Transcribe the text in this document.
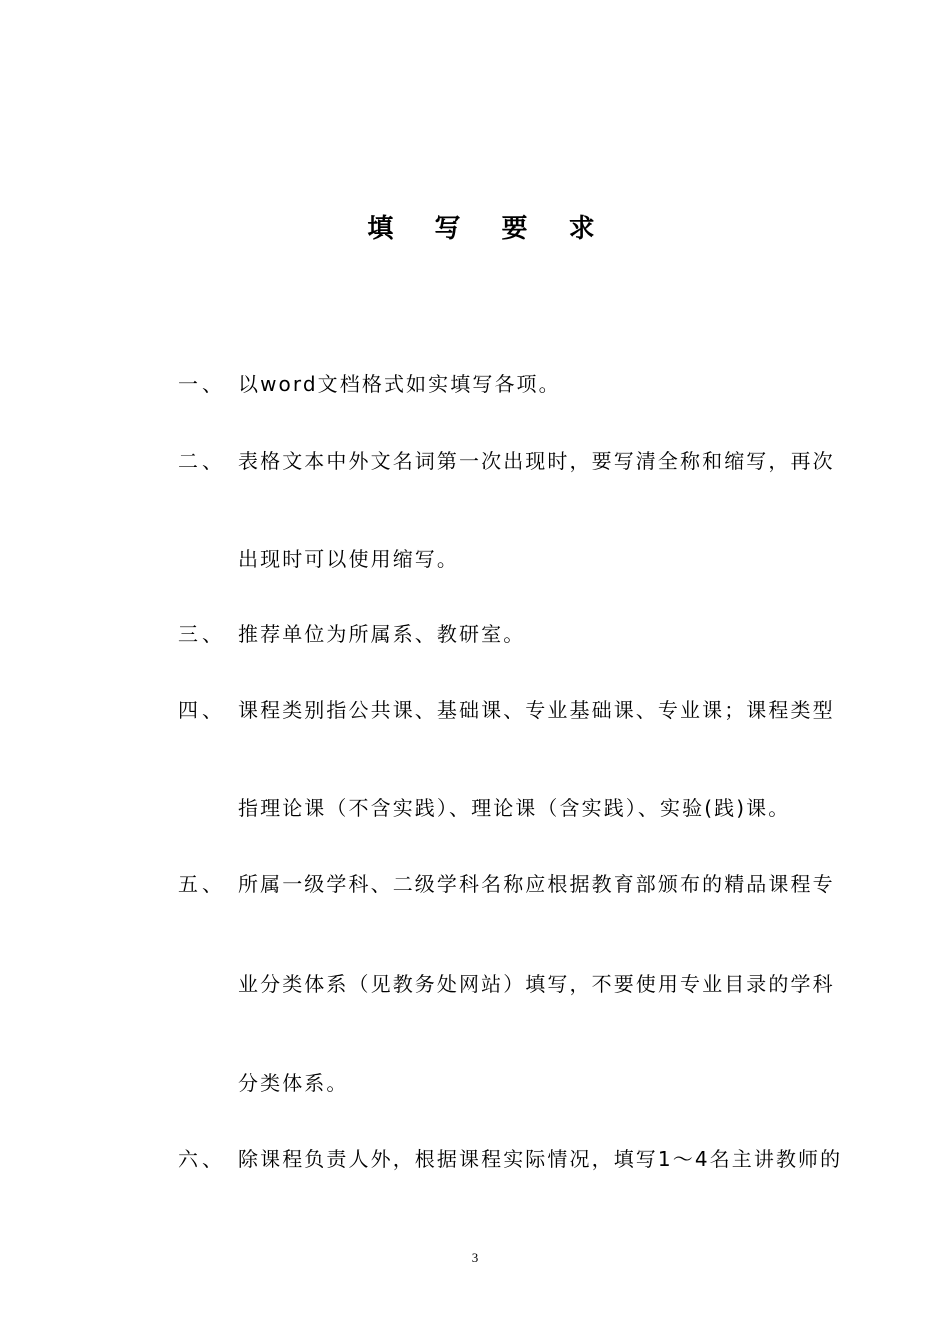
填 写 要 求
一、 以word文档格式如实填写各项。
二、 表格文本中外文名词第一次出现时，要写清全称和缩写，再次
出现时可以使用缩写。
三、 推荐单位为所属系、教研室。
四、 课程类别指公共课、基础课、专业基础课、专业课；课程类型
指理论课（不含实践）、理论课（含实践）、实验(践)课。
五、 所属一级学科、二级学科名称应根据教育部颁布的精品课程专
业分类体系（见教务处网站）填写，不要使用专业目录的学科
分类体系。
六、 除课程负责人外，根据课程实际情况，填写1～4名主讲教师的
3
